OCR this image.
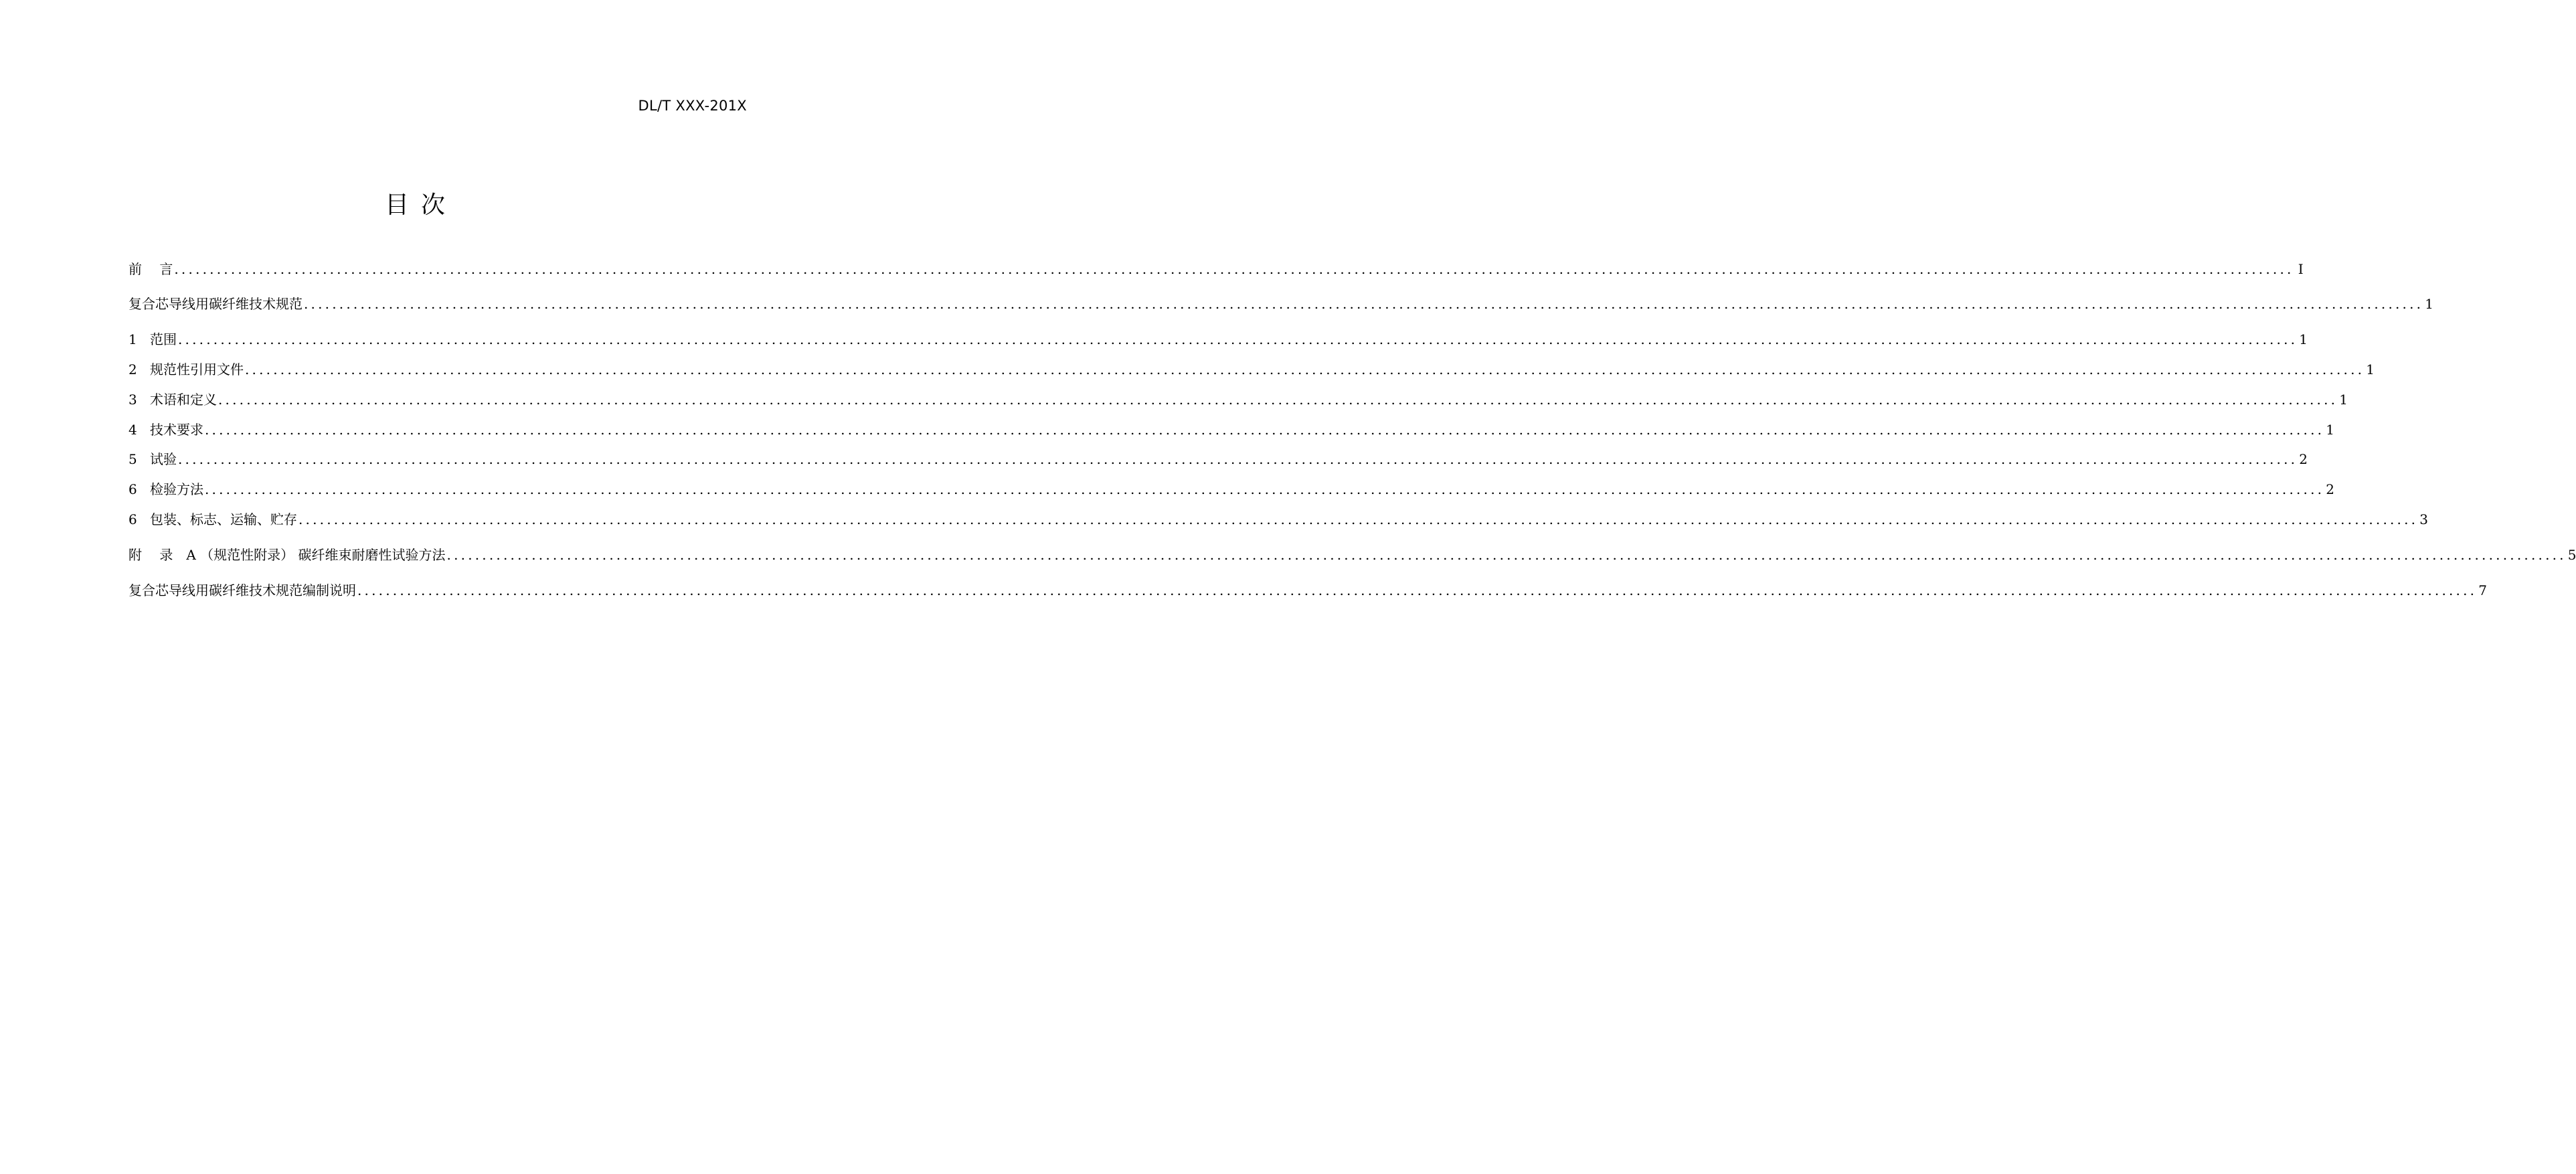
DL/T XXX-201X
目 次
前　 言 ............................................................................................................................................................................................................................................................................................................ I
复合芯导线用碳纤维技术规范 ............................................................................................................................................................................................................................................................................................................ 1
1 范围 ............................................................................................................................................................................................................................................................................................................ 1
2 规范性引用文件 ............................................................................................................................................................................................................................................................................................................ 1
3 术语和定义 ............................................................................................................................................................................................................................................................................................................ 1
4 技术要求 ............................................................................................................................................................................................................................................................................................................ 1
5 试验 ............................................................................................................................................................................................................................................................................................................ 2
6 检验方法 ............................................................................................................................................................................................................................................................................................................ 2
6 包装、标志、运输、贮存 ............................................................................................................................................................................................................................................................................................................ 3
附　 录　A （规范性附录） 碳纤维束耐磨性试验方法 ............................................................................................................................................................................................................................................................................................................ 5
复合芯导线用碳纤维技术规范编制说明 ............................................................................................................................................................................................................................................................................................................ 7
